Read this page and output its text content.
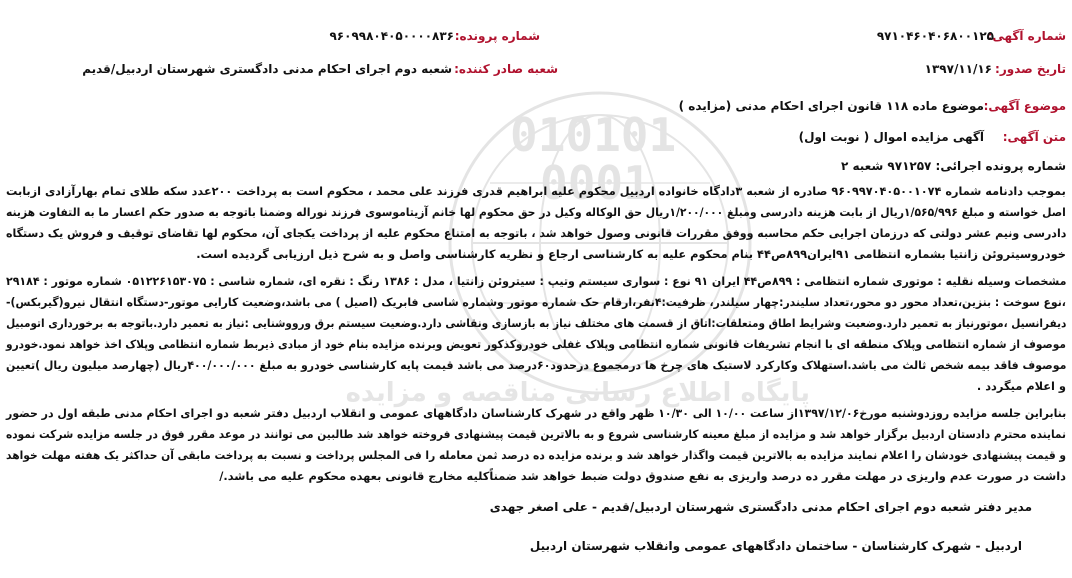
010101
0001
پایگاه اطلاع رسانی مناقصه و مزایده
شماره آگهی:
۹۷۱۰۴۶۰۴۰۶۸۰۰۱۲۵
شماره پرونده:
۹۶۰۹۹۸۰۴۰۵۰۰۰۰۸۳۶
تاریخ صدور:
۱۳۹۷/۱۱/۱۶
شعبه صادر کننده:
شعبه دوم اجرای احکام مدنی دادگستری شهرستان اردبیل/قدیم
موضوع آگهی:
موضوع ماده ۱۱۸ قانون اجرای احکام مدنی (مزایده )
متن آگهی:
آگهی مزایده اموال ( نوبت اول)
شماره پرونده اجرائی: ۹۷۱۲۵۷ شعبه ۲
بموجب دادنامه شماره ۹۶۰۹۹۷۰۴۰۵۰۰۱۰۷۴ صادره از شعبه ۳دادگاه خانواده اردبیل محکوم علیه ابراهیم قدری فرزند علی محمد ، محکوم است به پرداخت ۲۰۰عدد سکه طلای تمام بهارآزادی ازبابت
اصل خواسته و مبلغ ۱/۵۶۵/۹۹۶ریال از بابت هزینه دادرسی ومبلغ ۱/۲۰۰/۰۰۰ریال حق الوکاله وکیل در حق محکوم لها خانم آزیتاموسوی فرزند نوراله وضمنا باتوجه به صدور حکم اعسار ما به التفاوت هزینه
دادرسی ونیم عشر دولتی که درزمان اجرایی حکم محاسبه ووفق مقررات قانونی وصول خواهد شد ، باتوجه به امتناع محکوم علیه از پرداخت یکجای آن، محکوم لها تقاضای توقیف و فروش یک دستگاه
خودروسیتروئن زانتیا بشماره انتظامی ۹۱ایران۸۹۹ص۴۴ بنام محکوم علیه به کارشناسی ارجاع و نظریه کارشناسی واصل و به شرح ذیل ارزیابی گردیده است.
مشخصات وسیله نقلیه : موتوری شماره انتظامی : ۸۹۹ص۴۴ ایران ۹۱ نوع : سواری سیستم وتیپ : سیتروئن زانتیا ، مدل : ۱۳۸۶ رنگ : نقره ای، شماره شاسی : ۰۵۱۲۲۶۱۵۳۰۷۵ شماره موتور : ۲۹۱۸۴
،نوع سوخت : بنزین،تعداد محور دو محور،تعداد سلیندر:چهار سیلندر، ظرفیت:۴نفر،ارقام حک شماره موتور وشماره شاسی فابریک (اصیل ) می باشد،وضعیت کارایی موتور-دستگاه انتقال نیرو(گیربکس)-
دیفرانسیل ،موتورنیاز به تعمیر دارد.وضعیت وشرایط اطاق ومتعلقات:اتاق از قسمت های مختلف نیاز به بازسازی ونقاشی دارد.وضعیت سیستم برق ورووشنایی :نیاز به تعمیر دارد.باتوجه به برخورداری اتومبیل
موصوف از شماره انتظامی وپلاک منطقه ای با انجام تشریفات قانونی شماره انتظامی وپلاک غفلی خودروکذکور تعویض وبرنده مزایده بنام خود از مبادی ذیربط شماره انتظامی وپلاک اخذ خواهد نمود.خودرو
موصوف فاقد بیمه شخص ثالث می باشد.استهلاک وکارکرد لاستیک های چرخ ها درمجموع درحدود۶۰درصد می باشد قیمت پایه کارشناسی خودرو به مبلغ ۴۰۰/۰۰۰/۰۰۰ریال (چهارصد میلیون ریال )تعیین
و اعلام میگردد .
بنابراین جلسه مزایده روزدوشنبه مورخ۱۳۹۷/۱۲/۰۶از ساعت ۱۰/۰۰ الی ۱۰/۳۰ ظهر واقع در شهرک کارشناسان دادگاههای عمومی و انقلاب اردبیل دفتر شعبه دو اجرای احکام مدنی طبقه اول در حضور
نماینده محترم دادستان اردبیل برگزار خواهد شد و مزایده از مبلغ معینه کارشناسی شروع و به بالاترین قیمت پیشنهادی فروخته خواهد شد طالبین می توانند در موعد مقرر فوق در جلسه مزایده شرکت نموده
و قیمت پیشنهادی خودشان را اعلام نمایند مزایده به بالاترین قیمت واگذار خواهد شد و برنده مزایده ده درصد ثمن معامله را فی المجلس پرداخت و نسبت به پرداخت مابقی آن حداکثر یک هفته مهلت خواهد
داشت در صورت عدم واریزی در مهلت مقرر ده درصد واریزی به نفع صندوق دولت ضبط خواهد شد ضمناًکلیه مخارج قانونی بعهده محکوم علیه می باشد./
مدیر دفتر شعبه دوم اجرای احکام مدنی دادگستری شهرستان اردبیل/قدیم - علی اصغر جهدی
اردبیل - شهرک کارشناسان - ساختمان دادگاههای عمومی وانقلاب شهرستان اردبیل
